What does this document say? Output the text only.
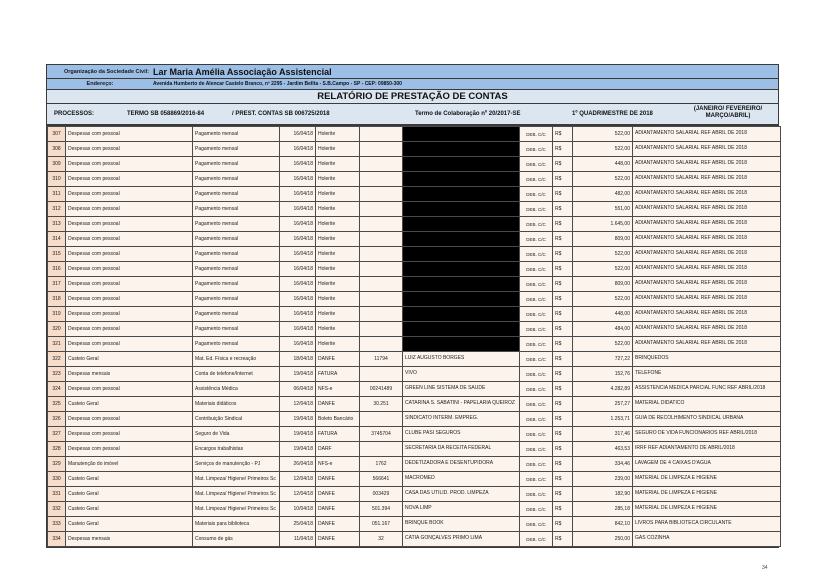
Organização da Sociedade Civil: Lar Maria Amélia Associação Assistencial
Endereço:	Avenida Humberto de Alencar Castelo Branco, nº 2295 - Jardim Bellta - S.B.Campo - SP - CEP: 09850-300
RELATÓRIO DE PRESTAÇÃO DE CONTAS
PROCESSOS:	TERMO SB 058869/2016-84	/ PREST. CONTAS SB 006725/2018	Termo de Colaboração nº 20/2017-SE	1º QUADRIMESTRE DE 2018
(JANEIRO/ FEVEREIRO/
MARÇO/ABRIL)
307	Despesas com pessoal	Pagamento mensal	16/04/18	Holerite			DEB. C/C	R$	522,00	ADIANTAMENTO SALARIAL REF ABRIL DE 2018
308	Despesas com pessoal	Pagamento mensal	16/04/18	Holerite			DEB. C/C	R$	522,00	ADIANTAMENTO SALARIAL REF ABRIL DE 2018
309	Despesas com pessoal	Pagamento mensal	16/04/18	Holerite			DEB. C/C	R$	448,00	ADIANTAMENTO SALARIAL REF ABRIL DE 2018
310	Despesas com pessoal	Pagamento mensal	16/04/18	Holerite			DEB. C/C	R$	522,00	ADIANTAMENTO SALARIAL REF ABRIL DE 2018
311	Despesas com pessoal	Pagamento mensal	16/04/18	Holerite			DEB. C/C	R$	482,00	ADIANTAMENTO SALARIAL REF ABRIL DE 2018
312	Despesas com pessoal	Pagamento mensal	16/04/18	Holerite			DEB. C/C	R$	551,00	ADIANTAMENTO SALARIAL REF ABRIL DE 2018
313	Despesas com pessoal	Pagamento mensal	16/04/18	Holerite			DEB. C/C	R$	1.645,00	ADIANTAMENTO SALARIAL REF ABRIL DE 2018
314	Despesas com pessoal	Pagamento mensal	16/04/18	Holerite			DEB. C/C	R$	809,00	ADIANTAMENTO SALARIAL REF ABRIL DE 2018
315	Despesas com pessoal	Pagamento mensal	16/04/18	Holerite			DEB. C/C	R$	522,00	ADIANTAMENTO SALARIAL REF ABRIL DE 2018
316	Despesas com pessoal	Pagamento mensal	16/04/18	Holerite			DEB. C/C	R$	522,00	ADIANTAMENTO SALARIAL REF ABRIL DE 2018
317	Despesas com pessoal	Pagamento mensal	16/04/18	Holerite			DEB. C/C	R$	809,00	ADIANTAMENTO SALARIAL REF ABRIL DE 2018
318	Despesas com pessoal	Pagamento mensal	16/04/18	Holerite			DEB. C/C	R$	522,00	ADIANTAMENTO SALARIAL REF ABRIL DE 2018
319	Despesas com pessoal	Pagamento mensal	16/04/18	Holerite			DEB. C/C	R$	448,00	ADIANTAMENTO SALARIAL REF ABRIL DE 2018
320	Despesas com pessoal	Pagamento mensal	16/04/18	Holerite			DEB. C/C	R$	484,00	ADIANTAMENTO SALARIAL REF ABRIL DE 2018
321	Despesas com pessoal	Pagamento mensal	16/04/18	Holerite			DEB. C/C	R$	522,00	ADIANTAMENTO SALARIAL REF ABRIL DE 2018
322	Custeio Geral	Mat. Ed. Física e recreação	18/04/18	DANFE	11794	LUIZ AUGUSTO BORGES	DEB. C/C	R$	727,22	BRINQUEDOS
323	Despesas mensais	Conta de telefone/Internet	19/04/18	FATURA		VIVO	DEB. C/C	R$	152,76	TELEFONE
324	Despesas com pessoal	Assistência Médica	06/04/18	NFS-e	00241489	GREEN LINE SISTEMA DE SAUDE	DEB. C/C	R$	4.282,89	ASSISTENCIA MEDICA PARCIAL FUNC REF ABRIL/2018
325	Custeio Geral	Materiais didáticos	12/04/18	DANFE	30.251	CATARINA S. SABATINI - PAPELARIA QUEIROZ	DEB. C/C	R$	257,27	MATERIAL DIDATICO
326	Despesas com pessoal	Contribuição Sindical	19/04/18	Boleto Bancário		SINDICATO INTERM. EMPREG.	DEB. C/C	R$	1.253,71	GUIA DE RECOLHIMENTO SINDICAL URBANA
327	Despesas com pessoal	Seguro de Vida	19/04/18	FATURA	3745704	CLUBE PASI SEGUROS	DEB. C/C	R$	317,46	SEGURO DE VIDA FUNCIONARIOS REF ABRIL/2018
328	Despesas com pessoal	Encargos trabalhistas	19/04/18	DARF		SECRETARIA DA RECEITA FEDERAL	DEB. C/C	R$	463,53	IRRF REF ADIANTAMENTO DE ABRIL/2018
329	Manutenção do imóvel	Serviços de manutenção - PJ	26/04/18	NFS-e	1762	DEDETIZADORA E DESENTUPIDORA	DEB. C/C	R$	334,46	LAVAGEM DE 4 CAIXAS D'AGUA
330	Custeio Geral	Mat. Limpeza/ Higiene/ Primeiros Sc	12/04/18	DANFE	566641	MACROMED	DEB. C/C	R$	239,00	MATERIAL DE LIMPEZA E HIGIENE
331	Custeio Geral	Mat. Limpeza/ Higiene/ Primeiros Sc	12/04/18	DANFE	003429	CASA DAS UTILID. PROD. LIMPEZA	DEB. C/C	R$	182,90	MATERIAL DE LIMPEZA E HIGIENE
332	Custeio Geral	Mat. Limpeza/ Higiene/ Primeiros Sc	10/04/18	DANFE	501.394	NOVA LIMP	DEB. C/C	R$	285,18	MATERIAL DE LIMPEZA E HIGIENE
333	Custeio Geral	Materiais para biblioteca	25/04/18	DANFE	051.167	BRINQUE BOOK	DEB. C/C	R$	842,10	LIVROS PARA BIBLIOTECA CIRCULANTE
334	Despesas mensais	Consumo de gás	11/04/18	DANFE	32	CATIA GONÇALVES PRIMO LIMA	DEB. C/C	R$	250,00	GAS COZINHA
34
